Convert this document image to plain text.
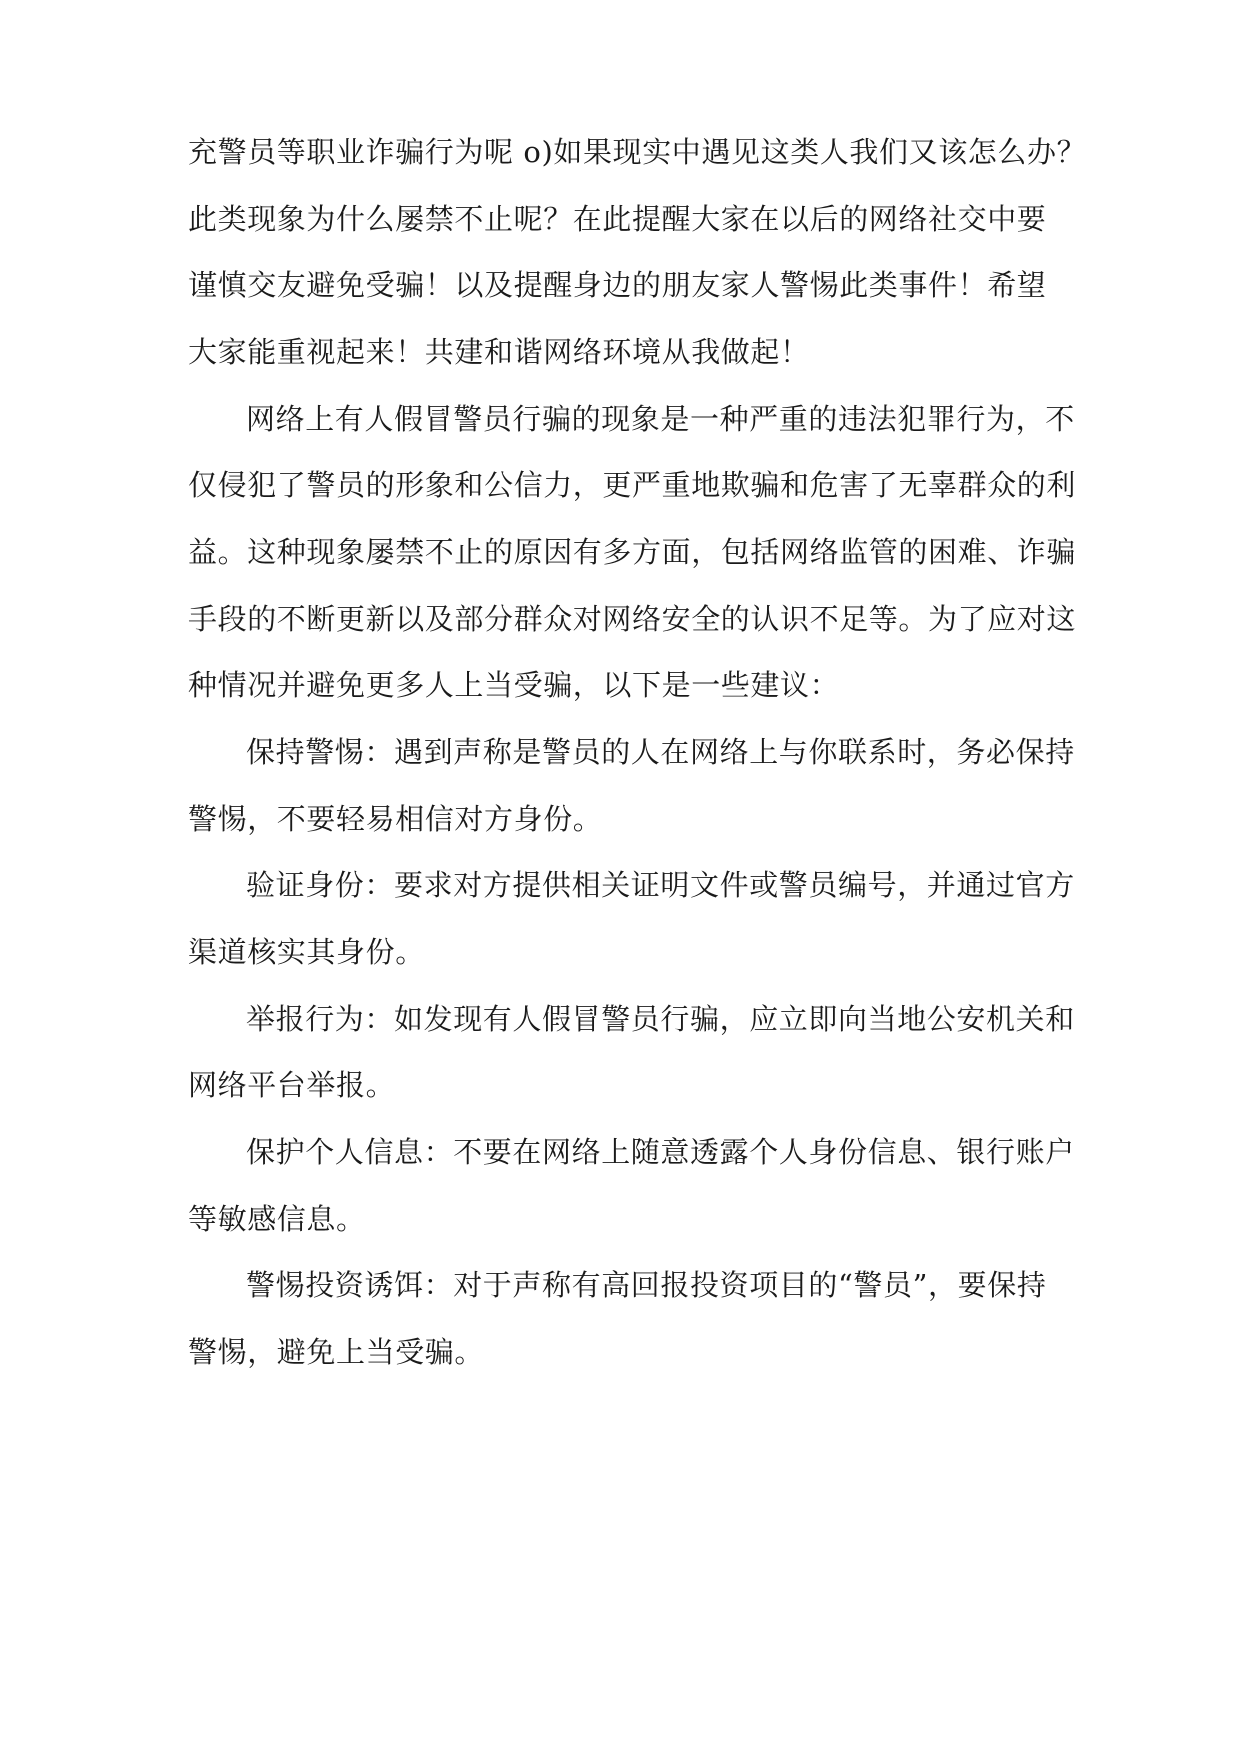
充警员等职业诈骗行为呢 o)如果现实中遇见这类人我们又该怎么办？

此类现象为什么屡禁不止呢？在此提醒大家在以后的网络社交中要

谨慎交友避免受骗！以及提醒身边的朋友家人警惕此类事件！希望

大家能重视起来！共建和谐网络环境从我做起！

网络上有人假冒警员行骗的现象是一种严重的违法犯罪行为，不

仅侵犯了警员的形象和公信力，更严重地欺骗和危害了无辜群众的利

益。这种现象屡禁不止的原因有多方面，包括网络监管的困难、诈骗

手段的不断更新以及部分群众对网络安全的认识不足等。为了应对这

种情况并避免更多人上当受骗，以下是一些建议：

保持警惕：遇到声称是警员的人在网络上与你联系时，务必保持

警惕，不要轻易相信对方身份。

验证身份：要求对方提供相关证明文件或警员编号，并通过官方

渠道核实其身份。

举报行为：如发现有人假冒警员行骗，应立即向当地公安机关和

网络平台举报。

保护个人信息：不要在网络上随意透露个人身份信息、银行账户

等敏感信息。

警惕投资诱饵：对于声称有高回报投资项目的“警员”，要保持

警惕，避免上当受骗。
